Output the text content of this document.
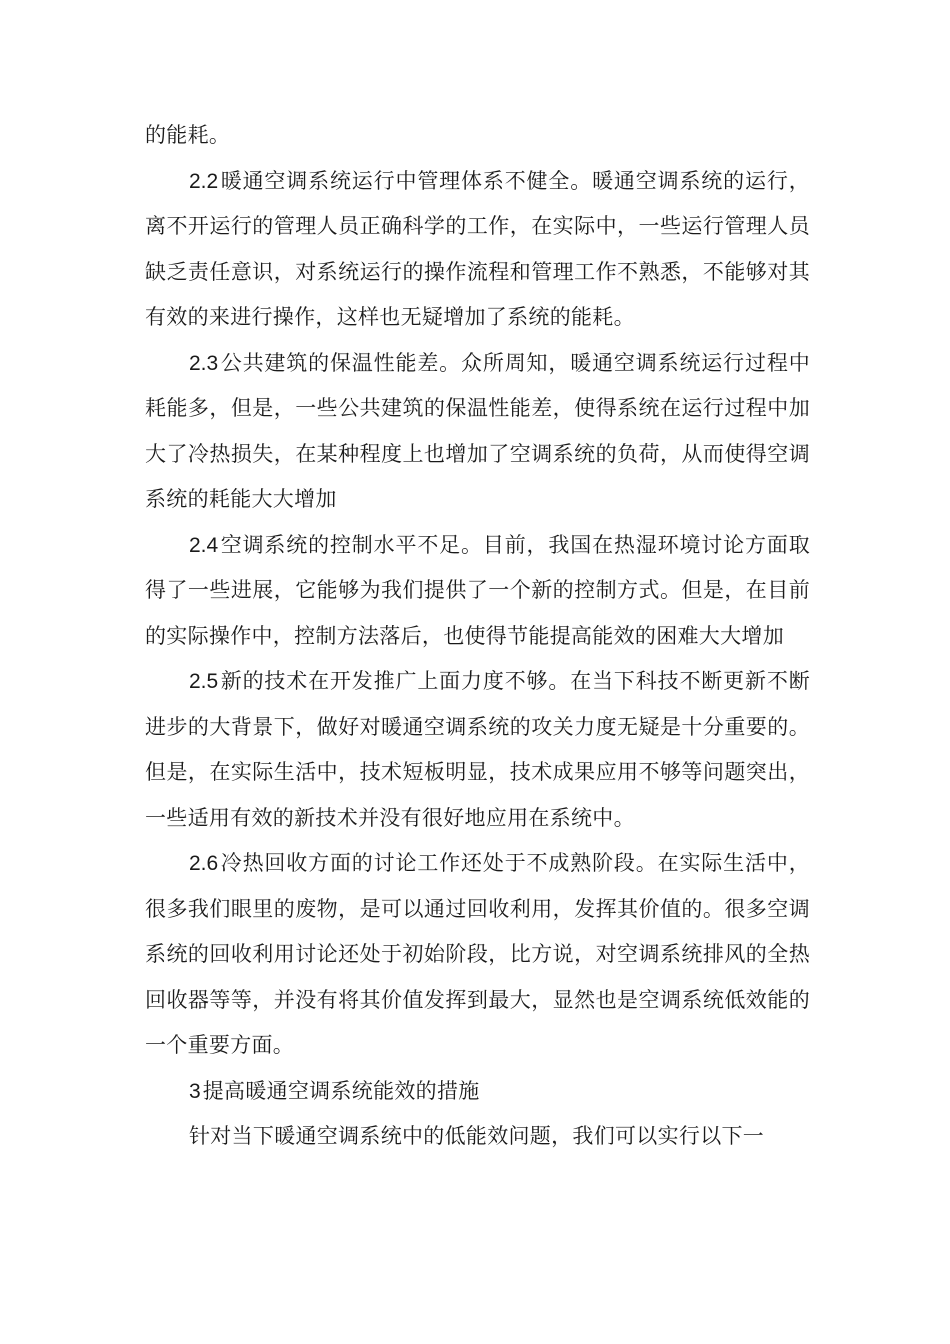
的能耗。

2.2暖通空调系统运行中管理体系不健全。暖通空调系统的运行，离不开运行的管理人员正确科学的工作，在实际中，一些运行管理人员缺乏责任意识，对系统运行的操作流程和管理工作不熟悉，不能够对其有效的来进行操作，这样也无疑增加了系统的能耗。

2.3公共建筑的保温性能差。众所周知，暖通空调系统运行过程中耗能多，但是，一些公共建筑的保温性能差，使得系统在运行过程中加大了冷热损失，在某种程度上也增加了空调系统的负荷，从而使得空调系统的耗能大大增加

2.4空调系统的控制水平不足。目前，我国在热湿环境讨论方面取得了一些进展，它能够为我们提供了一个新的控制方式。但是，在目前的实际操作中，控制方法落后，也使得节能提高能效的困难大大增加

2.5新的技术在开发推广上面力度不够。在当下科技不断更新不断进步的大背景下，做好对暖通空调系统的攻关力度无疑是十分重要的。但是，在实际生活中，技术短板明显，技术成果应用不够等问题突出，一些适用有效的新技术并没有很好地应用在系统中。

2.6冷热回收方面的讨论工作还处于不成熟阶段。在实际生活中，很多我们眼里的废物，是可以通过回收利用，发挥其价值的。很多空调系统的回收利用讨论还处于初始阶段，比方说，对空调系统排风的全热回收器等等，并没有将其价值发挥到最大，显然也是空调系统低效能的一个重要方面。

3提高暖通空调系统能效的措施

针对当下暖通空调系统中的低能效问题，我们可以实行以下一
